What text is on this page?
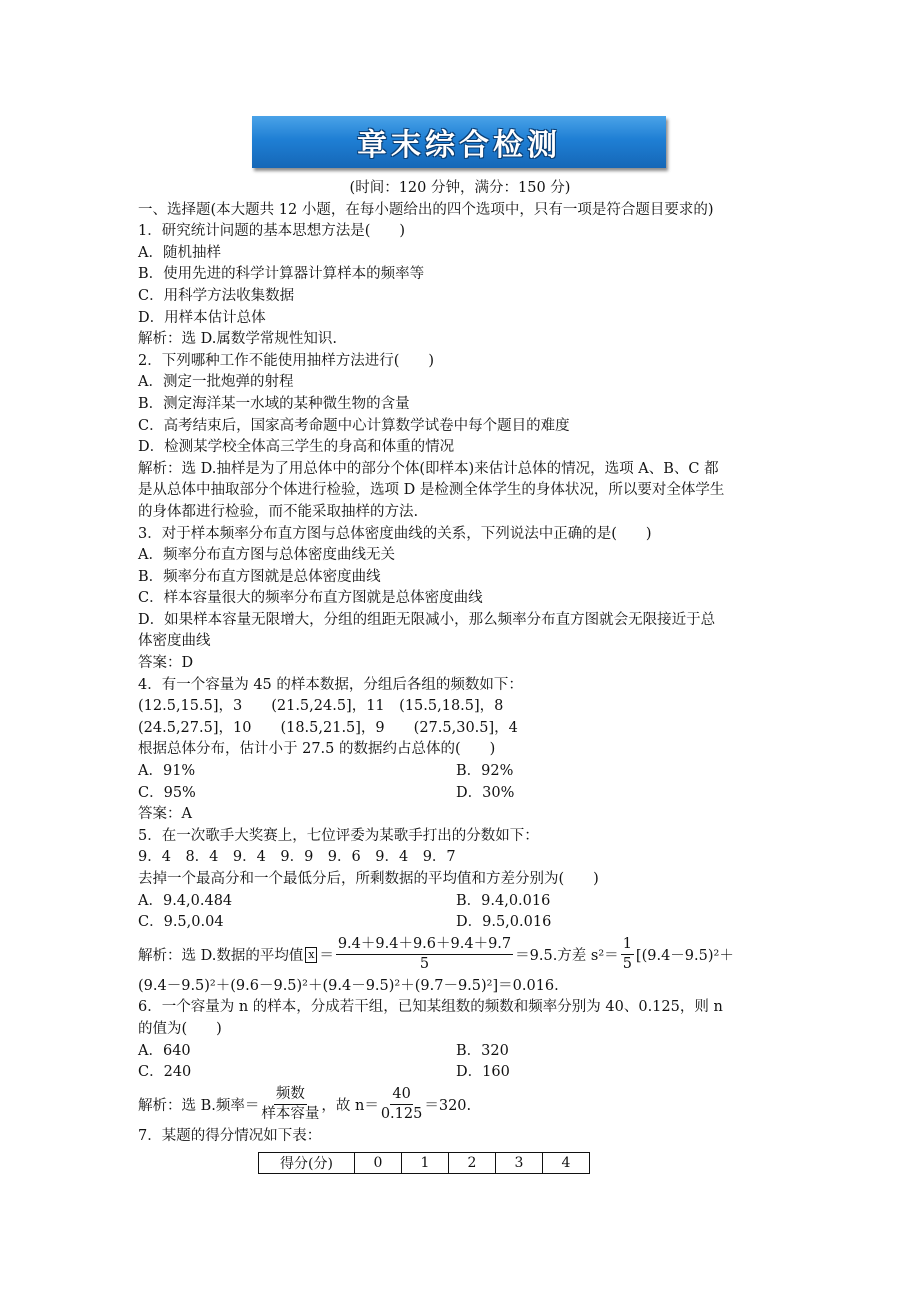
章末综合检测
(时间：120 分钟，满分：150 分)
一、选择题(本大题共 12 小题，在每小题给出的四个选项中，只有一项是符合题目要求的)
1．研究统计问题的基本思想方法是(　　)
A．随机抽样
B．使用先进的科学计算器计算样本的频率等
C．用科学方法收集数据
D．用样本估计总体
解析：选 D.属数学常规性知识.
2．下列哪种工作不能使用抽样方法进行(　　)
A．测定一批炮弹的射程
B．测定海洋某一水域的某种微生物的含量
C．高考结束后，国家高考命题中心计算数学试卷中每个题目的难度
D．检测某学校全体高三学生的身高和体重的情况
解析：选 D.抽样是为了用总体中的部分个体(即样本)来估计总体的情况，选项 A、B、C 都
是从总体中抽取部分个体进行检验，选项 D 是检测全体学生的身体状况，所以要对全体学生
的身体都进行检验，而不能采取抽样的方法.
3．对于样本频率分布直方图与总体密度曲线的关系，下列说法中正确的是(　　)
A．频率分布直方图与总体密度曲线无关
B．频率分布直方图就是总体密度曲线
C．样本容量很大的频率分布直方图就是总体密度曲线
D．如果样本容量无限增大，分组的组距无限减小，那么频率分布直方图就会无限接近于总
体密度曲线
答案：D
4．有一个容量为 45 的样本数据，分组后各组的频数如下：
(12.5,15.5]，3　　(21.5,24.5]，11　(15.5,18.5]，8
(24.5,27.5]，10　　(18.5,21.5]，9　　(27.5,30.5]，4
根据总体分布，估计小于 27.5 的数据约占总体的(　　)
A．91%	B．92%
C．95%	D．30%
答案：A
5．在一次歌手大奖赛上，七位评委为某歌手打出的分数如下：
9．4　8．4　9．4　9．9　9．6　9．4　9．7
去掉一个最高分和一个最低分后，所剩数据的平均值和方差分别为(　　)
A．9.4,0.484	B．9.4,0.016
C．9.5,0.04	D．9.5,0.016
解析：选 D.数据的平均值 $x = \frac{9.4+9.4+9.6+9.4+9.7}{5} =9.5$.方差 $s^2= \frac{1}{5} [(9.4-9.5)^2+$
(9.4－9.5)²＋(9.6－9.5)²＋(9.4－9.5)²＋(9.7－9.5)²]＝0.016.
6．一个容量为 n 的样本，分成若干组，已知某组数的频数和频率分别为 40、0.125，则 n
的值为(　　)
A．640	B．320
C．240	D．160
解析：选 B.频率＝ $\frac{\text{频数}}{\text{样本容量}}$ ，故 $n= \frac{40}{0.125} =320$.
7．某题的得分情况如下表：
得分(分)	0	1	2	3	4
